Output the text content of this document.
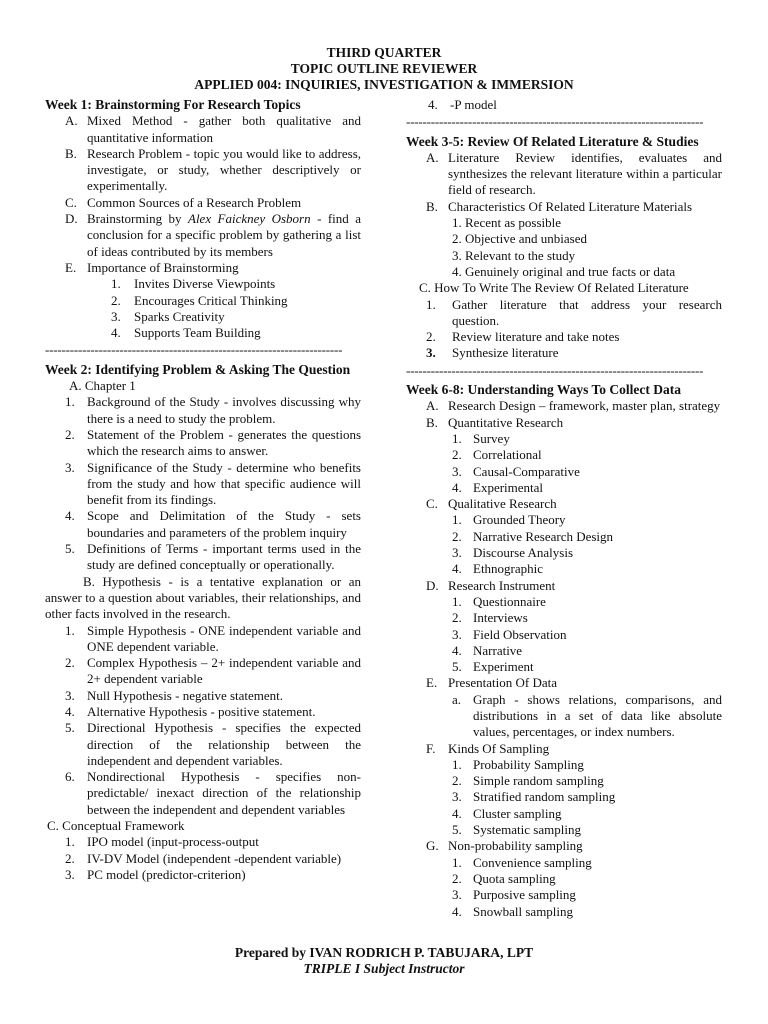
THIRD QUARTER
TOPIC OUTLINE REVIEWER
APPLIED 004: INQUIRIES, INVESTIGATION & IMMERSION

Week 1: Brainstorming For Research Topics

A. Mixed Method - gather both qualitative and quantitative information
B. Research Problem - topic you would like to address, investigate, or study, whether descriptively or experimentally.
C. Common Sources of a Research Problem
D. Brainstorming by Alex Faickney Osborn - find a conclusion for a specific problem by gathering a list of ideas contributed by its members
E. Importance of Brainstorming
1.	Invites Diverse Viewpoints
2.	Encourages Critical Thinking
3.	Sparks Creativity
4.	Supports Team Building
------------------------------------------------------------------------

Week 2: Identifying Problem & Asking The Question

A. Chapter 1
1. Background of the Study - involves discussing why there is a need to study the problem.
2. Statement of the Problem - generates the questions which the research aims to answer.
3. Significance of the Study - determine who benefits from the study and how that specific audience will benefit from its findings.
4. Scope and Delimitation of the Study - sets boundaries and parameters of the problem inquiry
5. Definitions of Terms - important terms used in the study are defined conceptually or operationally.
B. Hypothesis - is a tentative explanation or an answer to a question about variables, their relationships, and other facts involved in the research.
1. Simple Hypothesis - ONE independent variable and ONE dependent variable.
2. Complex Hypothesis – 2+ independent variable and 2+ dependent variable
3. Null Hypothesis - negative statement.
4. Alternative Hypothesis - positive statement.
5. Directional Hypothesis - specifies the expected direction of the relationship between the independent and dependent variables.
6. Nondirectional Hypothesis - specifies non-predictable/ inexact direction of the relationship between the independent and dependent variables
C. Conceptual Framework
1. IPO model (input-process-output
2. IV-DV Model (independent -dependent variable)
3. PC model (predictor-criterion)
4. -P model
------------------------------------------------------------------------

Week 3-5: Review Of Related Literature & Studies

A. Literature Review identifies, evaluates and synthesizes the relevant literature within a particular field of research.
B. Characteristics Of Related Literature Materials
1. Recent as possible
2. Objective and unbiased
3. Relevant to the study
4. Genuinely original and true facts or data
C. How To Write The Review Of Related Literature
1.	Gather literature that address your research question.
2.	Review literature and take notes
3.	Synthesize literature
------------------------------------------------------------------------

Week 6-8: Understanding Ways To Collect Data

A. Research Design – framework, master plan, strategy
B. Quantitative Research
1. Survey
2. Correlational
3. Causal-Comparative
4. Experimental
C. Qualitative Research
1. Grounded Theory
2. Narrative Research Design
3. Discourse Analysis
4. Ethnographic
D. Research Instrument
1. Questionnaire
2. Interviews
3. Field Observation
4. Narrative
5. Experiment
E. Presentation Of Data
a. Graph - shows relations, comparisons, and distributions in a set of data like absolute values, percentages, or index numbers.
F. Kinds Of Sampling
1. Probability Sampling
2. Simple random sampling
3. Stratified random sampling
4. Cluster sampling
5. Systematic sampling
G. Non-probability sampling
1. Convenience sampling
2. Quota sampling
3. Purposive sampling
4. Snowball sampling
Prepared by IVAN RODRICH P. TABUJARA, LPT
TRIPLE I Subject Instructor
